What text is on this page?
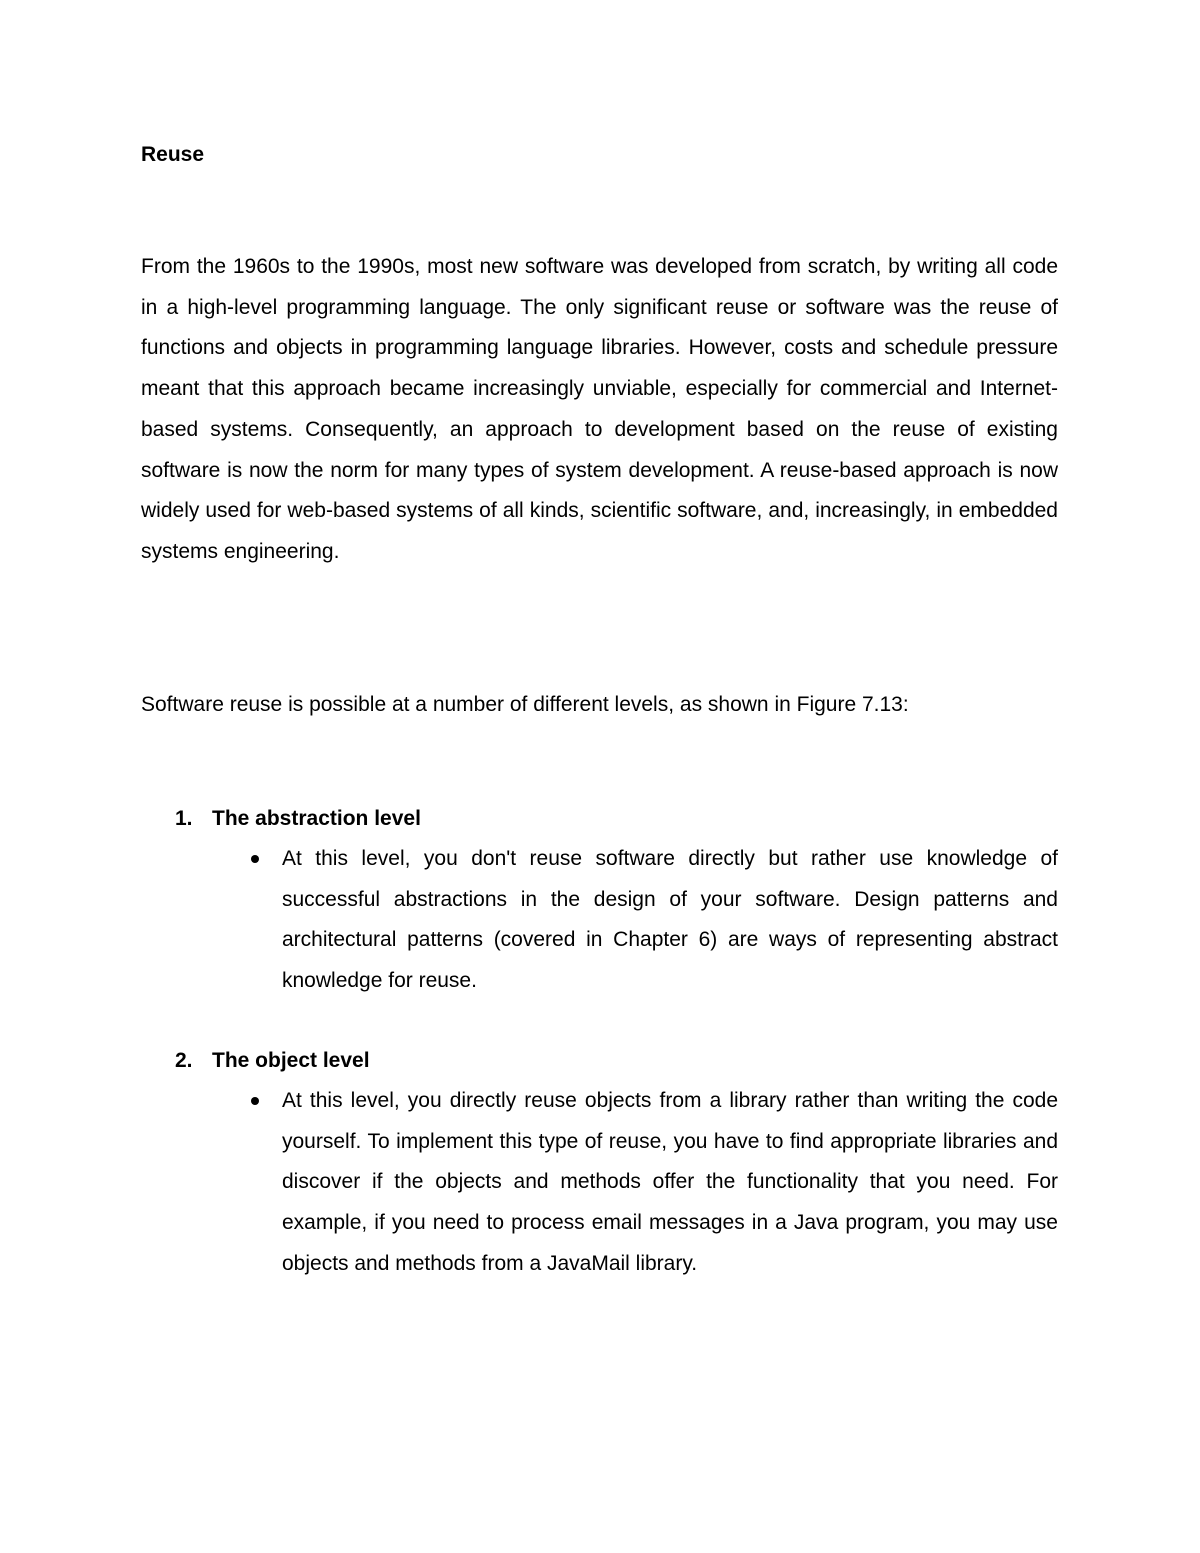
Reuse

From the 1960s to the 1990s, most new software was developed from scratch, by writing all code in a high-level programming language. The only significant reuse or software was the reuse of functions and objects in programming language libraries. However, costs and schedule pressure meant that this approach became increasingly unviable, especially for commercial and Internet-based systems. Consequently, an approach to development based on the reuse of existing software is now the norm for many types of system development. A reuse-based approach is now widely used for web-based systems of all kinds, scientific software, and, increasingly, in embedded systems engineering.

Software reuse is possible at a number of different levels, as shown in Figure 7.13:

1. The abstraction level
At this level, you don't reuse software directly but rather use knowledge of successful abstractions in the design of your software. Design patterns and architectural patterns (covered in Chapter 6) are ways of representing abstract knowledge for reuse.
2. The object level
At this level, you directly reuse objects from a library rather than writing the code yourself. To implement this type of reuse, you have to find appropriate libraries and discover if the objects and methods offer the functionality that you need. For example, if you need to process email messages in a Java program, you may use objects and methods from a JavaMail library.
